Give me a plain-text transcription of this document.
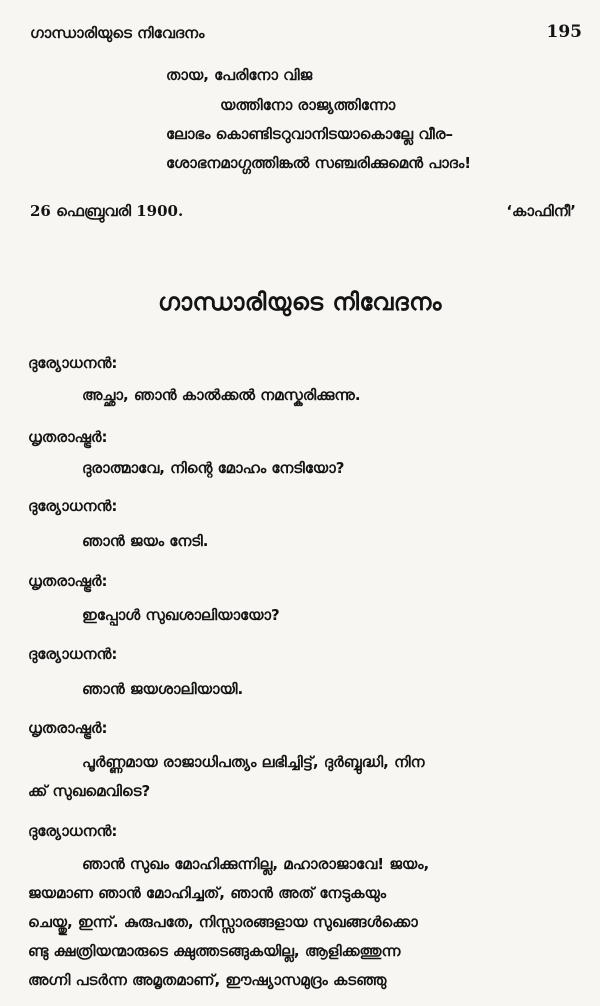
ഗാന്ധാരിയുടെ നിവേദനം	195
തായ, പേരിനോ വിജ
യത്തിനോ രാജ്യത്തിന്നോ
ലോഭം കൊണ്ടിടറുവാനിടയാകൊല്ലേ വീര–
ശോഭനമാഗ്ഗത്തിങ്കൽ സഞ്ചരിക്കുമെൻ പാദം!
26 ഫെബ്രുവരി 1900.	‘കാഫിനീ’
ഗാന്ധാരിയുടെ നിവേദനം
ദുര്യോധനൻ:
അച്ഛാ, ഞാൻ കാൽക്കൽ നമസ്കരിക്കുന്നു.
ധൃതരാഷ്ട്രർ:
ദുരാത്മാവേ, നിന്റെ മോഹം നേടിയോ?
ദുര്യോധനൻ:
ഞാൻ ജയം നേടി.
ധൃതരാഷ്ട്രർ:
ഇപ്പോൾ സുഖശാലിയായോ?
ദുര്യോധനൻ:
ഞാൻ ജയശാലിയായി.
ധൃതരാഷ്ട്രർ:
പൂർണ്ണമായ രാജാധിപത്യം ലഭിച്ചിട്ട്, ദുർബ്ബുദ്ധി, നിന
ക്ക് സുഖമെവിടെ?
ദുര്യോധനൻ:
ഞാൻ സുഖം മോഹിക്കുന്നില്ല, മഹാരാജാവേ! ജയം,
ജയമാണ ഞാൻ മോഹിച്ചത്, ഞാൻ അത് നേടുകയും
ചെയ്തു, ഇന്ന്. കുരുപതേ, നിസ്സാരങ്ങളായ സുഖങ്ങൾക്കൊ
ണ്ടു ക്ഷത്രിയന്മാരുടെ ക്ഷുത്തടങ്ങുകയില്ല, ആളിക്കത്തുന്ന
അഗ്നി പടർന്ന അമൃതമാണ്, ഈഷ്യാസമുദ്രം കടഞ്ഞു
